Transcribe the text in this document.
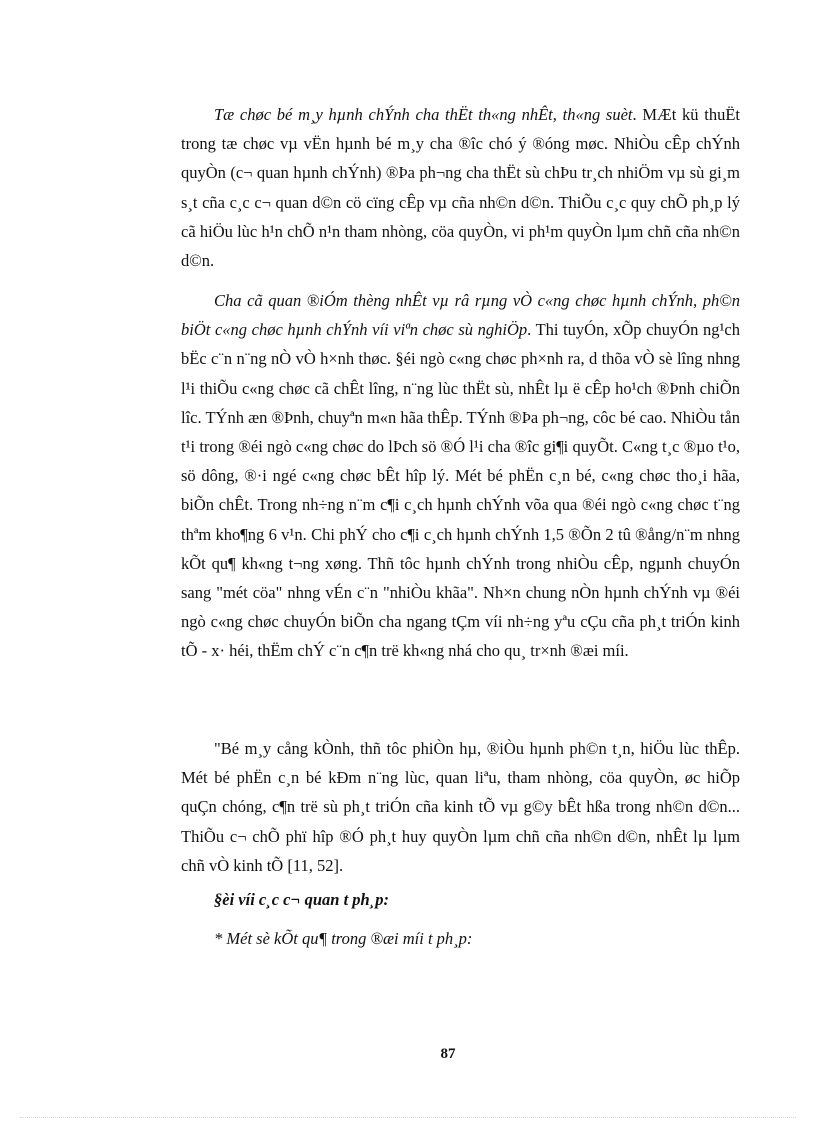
Tæ chøc bé m¸y hµnh chÝnh cha thËt th«ng nhÊt, th«ng suèt. MÆt kü thuËt trong tæ chøc vµ vËn hµnh bé m¸y cha ®îc chó ý ®óng møc. NhiÒu cÊp chÝnh quyÒn (c¬ quan hµnh chÝnh) ®Þa ph¬ng cha thËt sù chÞu tr¸ch nhiÖm vµ sù gi¸m s¸t cña c¸c c¬ quan d©n cö cïng cÊp vµ cña nh©n d©n. ThiÕu c¸c quy chÕ ph¸p lý cã hiÖu lùc h¹n chÕ n¹n tham nhòng, cöa quyÒn, vi ph¹m quyÒn lµm chñ cña nh©n d©n.

Cha cã quan ®iÓm thèng nhÊt vµ râ rµng vÒ c«ng chøc hµnh chÝnh, ph©n biÖt c«ng chøc hµnh chÝnh víi viªn chøc sù nghiÖp. Thi tuyÓn, xÕp chuyÓn ng¹ch bËc c¨n n¨ng nÒ vÒ h×nh thøc. §éi ngò c«ng chøc ph×nh ra, d thõa vÒ sè lîng nhng l¹i thiÕu c«ng chøc cã chÊt lîng, n¨ng lùc thËt sù, nhÊt lµ ë cÊp ho¹ch ®Þnh chiÕn lîc. TÝnh æn ®Þnh, chuyªn m«n hãa thÊp. TÝnh ®Þa ph¬ng, côc bé cao. NhiÒu tån t¹i trong ®éi ngò c«ng chøc do lÞch sö ®Ó l¹i cha ®îc gi¶i quyÕt. C«ng t¸c ®µo t¹o, sö dông, ®·i ngé c«ng chøc bÊt hîp lý. Mét bé phËn c¸n bé, c«ng chøc tho¸i hãa, biÕn chÊt. Trong nh÷ng n¨m c¶i c¸ch hµnh chÝnh võa qua ®éi ngò c«ng chøc t¨ng thªm kho¶ng 6 v¹n. Chi phÝ cho c¶i c¸ch hµnh chÝnh 1,5 ®Õn 2 tû ®ång/n¨m nhng kÕt qu¶ kh«ng t¬ng xøng. Thñ tôc hµnh chÝnh trong nhiÒu cÊp, ngµnh chuyÓn sang "mét cöa" nhng vÉn c¨n "nhiÒu khãa". Nh×n chung nÒn hµnh chÝnh vµ ®éi ngò c«ng chøc chuyÓn biÕn cha ngang tÇm víi nh÷ng yªu cÇu cña ph¸t triÓn kinh tÕ - x· héi, thËm chÝ c¨n c¶n trë kh«ng nhá cho qu¸ tr×nh ®æi míi.

"Bé m¸y cång kÒnh, thñ tôc phiÒn hµ, ®iÒu hµnh ph©n t¸n, hiÖu lùc thÊp. Mét bé phËn c¸n bé kÐm n¨ng lùc, quan liªu, tham nhòng, cöa quyÒn, øc hiÕp quÇn chóng, c¶n trë sù ph¸t triÓn cña kinh tÕ vµ g©y bÊt hßa trong nh©n d©n... ThiÕu c¬ chÕ phï hîp ®Ó ph¸t huy quyÒn lµm chñ cña nh©n d©n, nhÊt lµ lµm chñ vÒ kinh tÕ [11, 52].

§èi víi c¸c c¬ quan t ph¸p:

* Mét sè kÕt qu¶ trong ®æi míi t ph¸p:

87
